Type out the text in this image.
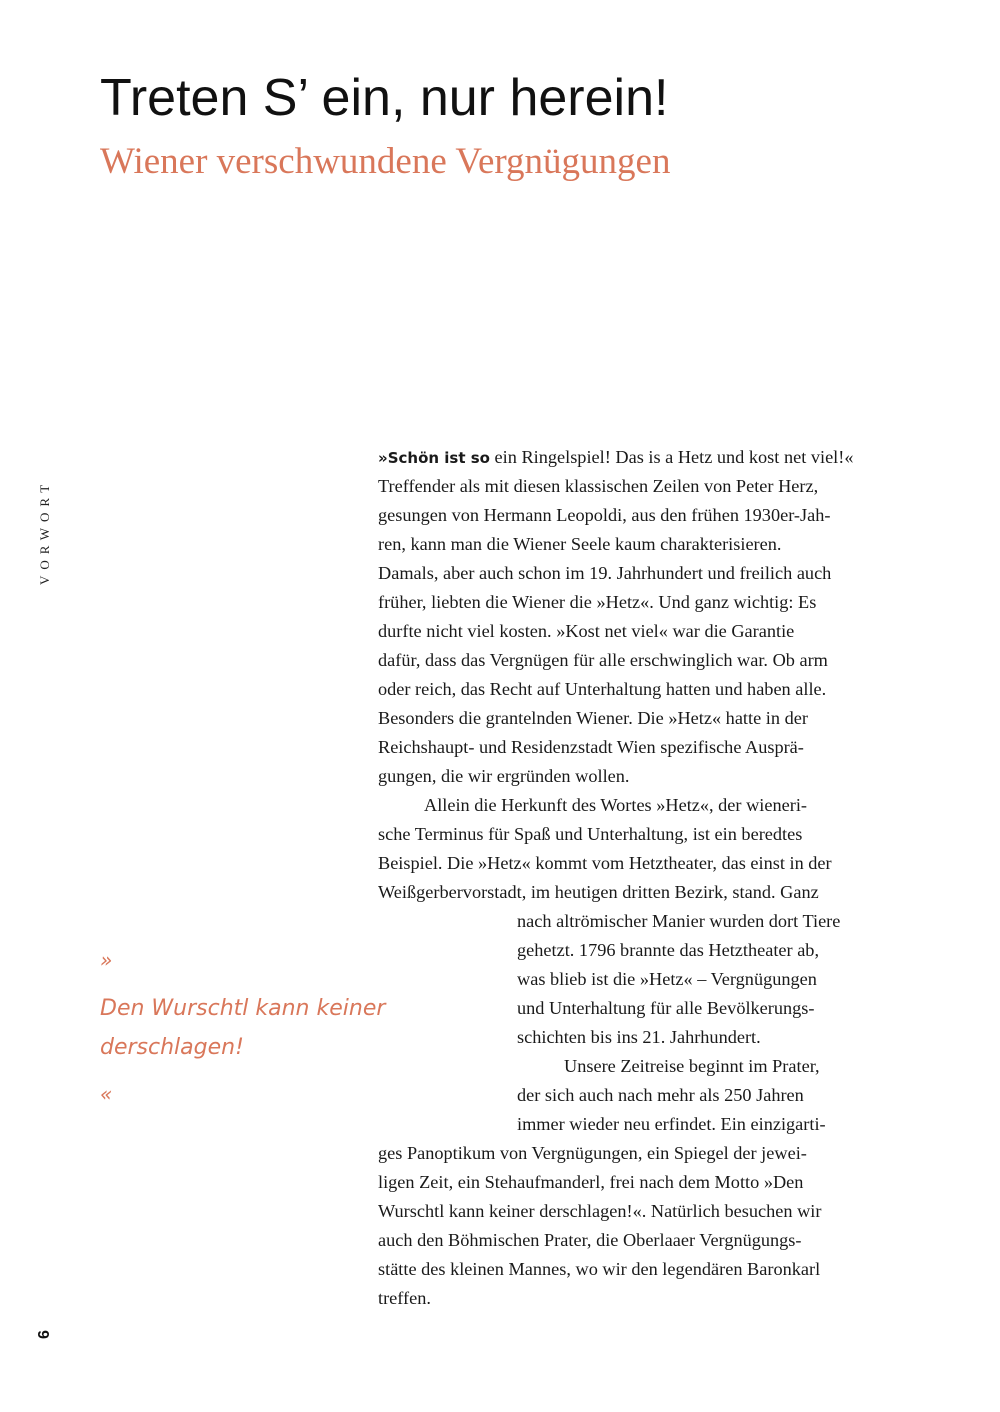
Treten S’ ein, nur herein!
Wiener verschwundene Vergnügungen
VORWORT
6
»
Den Wurschtl kann keiner derschlagen!
«
»Schön ist so ein Ringelspiel! Das is a Hetz und kost net viel!«
Treffender als mit diesen klassischen Zeilen von Peter Herz,
gesungen von Hermann Leopoldi, aus den frühen 1930er-Jah-
ren, kann man die Wiener Seele kaum charakterisieren.
Damals, aber auch schon im 19. Jahrhundert und freilich auch
früher, liebten die Wiener die »Hetz«. Und ganz wichtig: Es
durfte nicht viel kosten. »Kost net viel« war die Garantie
dafür, dass das Vergnügen für alle erschwinglich war. Ob arm
oder reich, das Recht auf Unterhaltung hatten und haben alle.
Besonders die grantelnden Wiener. Die »Hetz« hatte in der
Reichshaupt- und Residenzstadt Wien spezifische Ausprä-
gungen, die wir ergründen wollen.
Allein die Herkunft des Wortes »Hetz«, der wieneri-
sche Terminus für Spaß und Unterhaltung, ist ein beredtes
Beispiel. Die »Hetz« kommt vom Hetztheater, das einst in der
Weißgerbervorstadt, im heutigen dritten Bezirk, stand. Ganz
nach altrömischer Manier wurden dort Tiere
gehetzt. 1796 brannte das Hetztheater ab,
was blieb ist die »Hetz« – Vergnügungen
und Unterhaltung für alle Bevölkerungs-
schichten bis ins 21. Jahrhundert.
Unsere Zeitreise beginnt im Prater,
der sich auch nach mehr als 250 Jahren
immer wieder neu erfindet. Ein einzigarti-
ges Panoptikum von Vergnügungen, ein Spiegel der jewei-
ligen Zeit, ein Stehaufmanderl, frei nach dem Motto »Den
Wurschtl kann keiner derschlagen!«. Natürlich besuchen wir
auch den Böhmischen Prater, die Oberlaaer Vergnügungs-
stätte des kleinen Mannes, wo wir den legendären Baronkarl
treffen.
